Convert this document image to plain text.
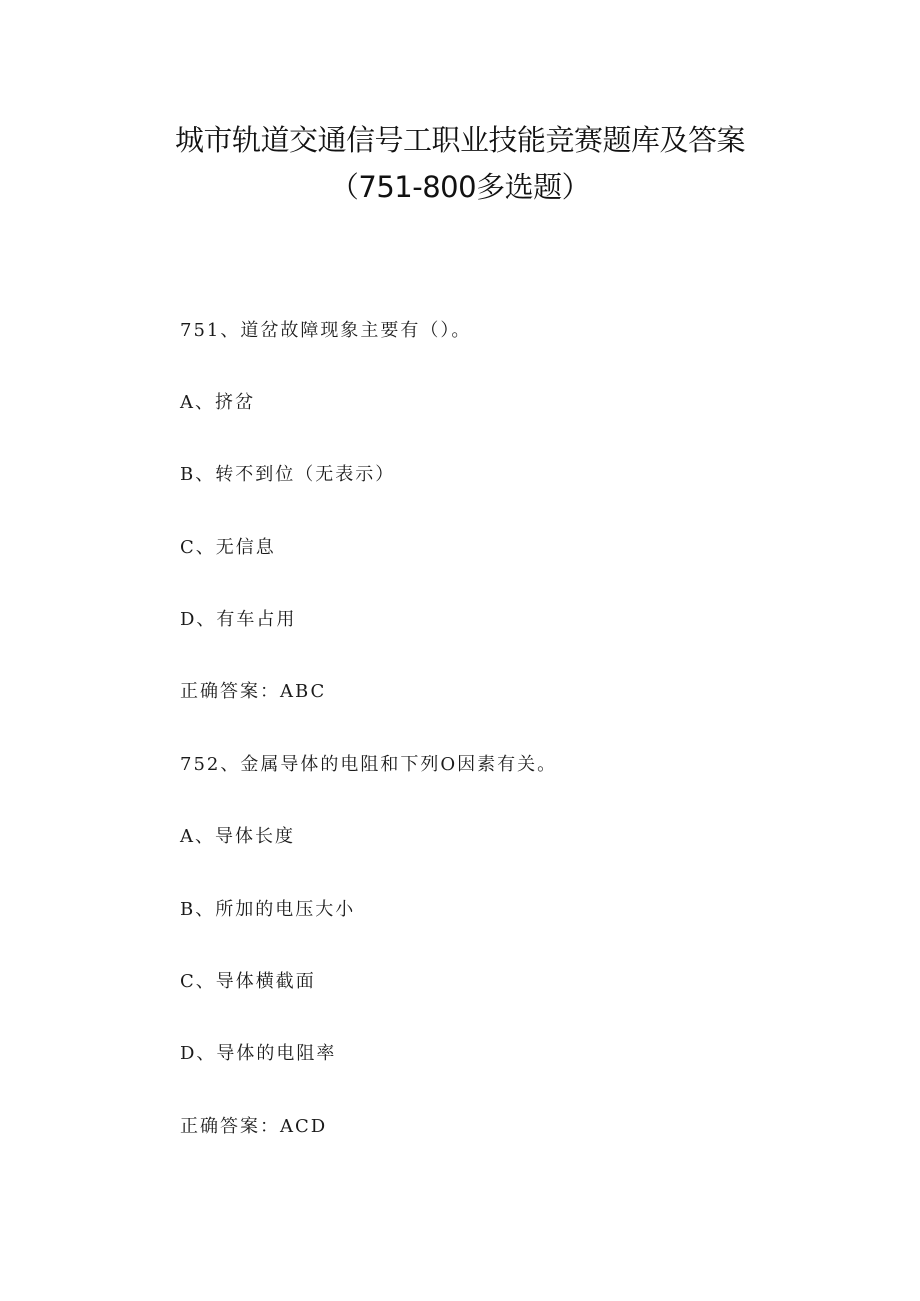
城市轨道交通信号工职业技能竞赛题库及答案
（751-800多选题）
751、道岔故障现象主要有（）。
A、挤岔
B、转不到位（无表示）
C、无信息
D、有车占用
正确答案：ABC
752、金属导体的电阻和下列O因素有关。
A、导体长度
B、所加的电压大小
C、导体横截面
D、导体的电阻率
正确答案：ACD
